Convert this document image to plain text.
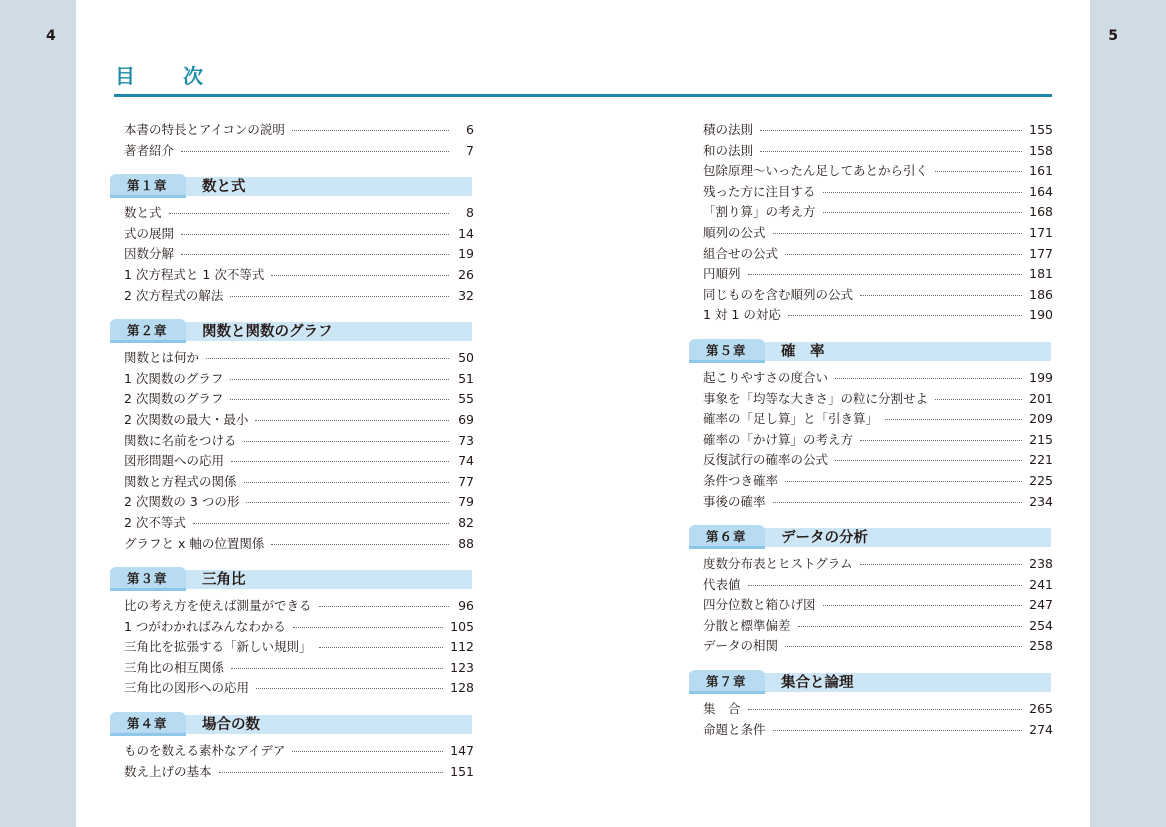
4	5
目　次
本書の特長とアイコンの説明	6
著者紹介	7
第１章 数と式
数と式	8
式の展開	14
因数分解	19
1 次方程式と 1 次不等式	26
2 次方程式の解法	32
第２章 関数と関数のグラフ
関数とは何か	50
1 次関数のグラフ	51
2 次関数のグラフ	55
2 次関数の最大・最小	69
関数に名前をつける	73
図形問題への応用	74
関数と方程式の関係	77
2 次関数の 3 つの形	79
2 次不等式	82
グラフと x 軸の位置関係	88
第３章 三角比
比の考え方を使えば測量ができる	96
1 つがわかればみんなわかる	105
三角比を拡張する「新しい規則」	112
三角比の相互関係	123
三角比の図形への応用	128
第４章 場合の数
ものを数える素朴なアイデア	147
数え上げの基本	151
積の法則	155
和の法則	158
包除原理～いったん足してあとから引く	161
残った方に注目する	164
「割り算」の考え方	168
順列の公式	171
組合せの公式	177
円順列	181
同じものを含む順列の公式	186
1 対 1 の対応	190
第５章 確　率
起こりやすさの度合い	199
事象を「均等な大きさ」の粒に分割せよ	201
確率の「足し算」と「引き算」	209
確率の「かけ算」の考え方	215
反復試行の確率の公式	221
条件つき確率	225
事後の確率	234
第６章 データの分析
度数分布表とヒストグラム	238
代表値	241
四分位数と箱ひげ図	247
分散と標準偏差	254
データの相関	258
第７章 集合と論理
集　合	265
命題と条件	274
